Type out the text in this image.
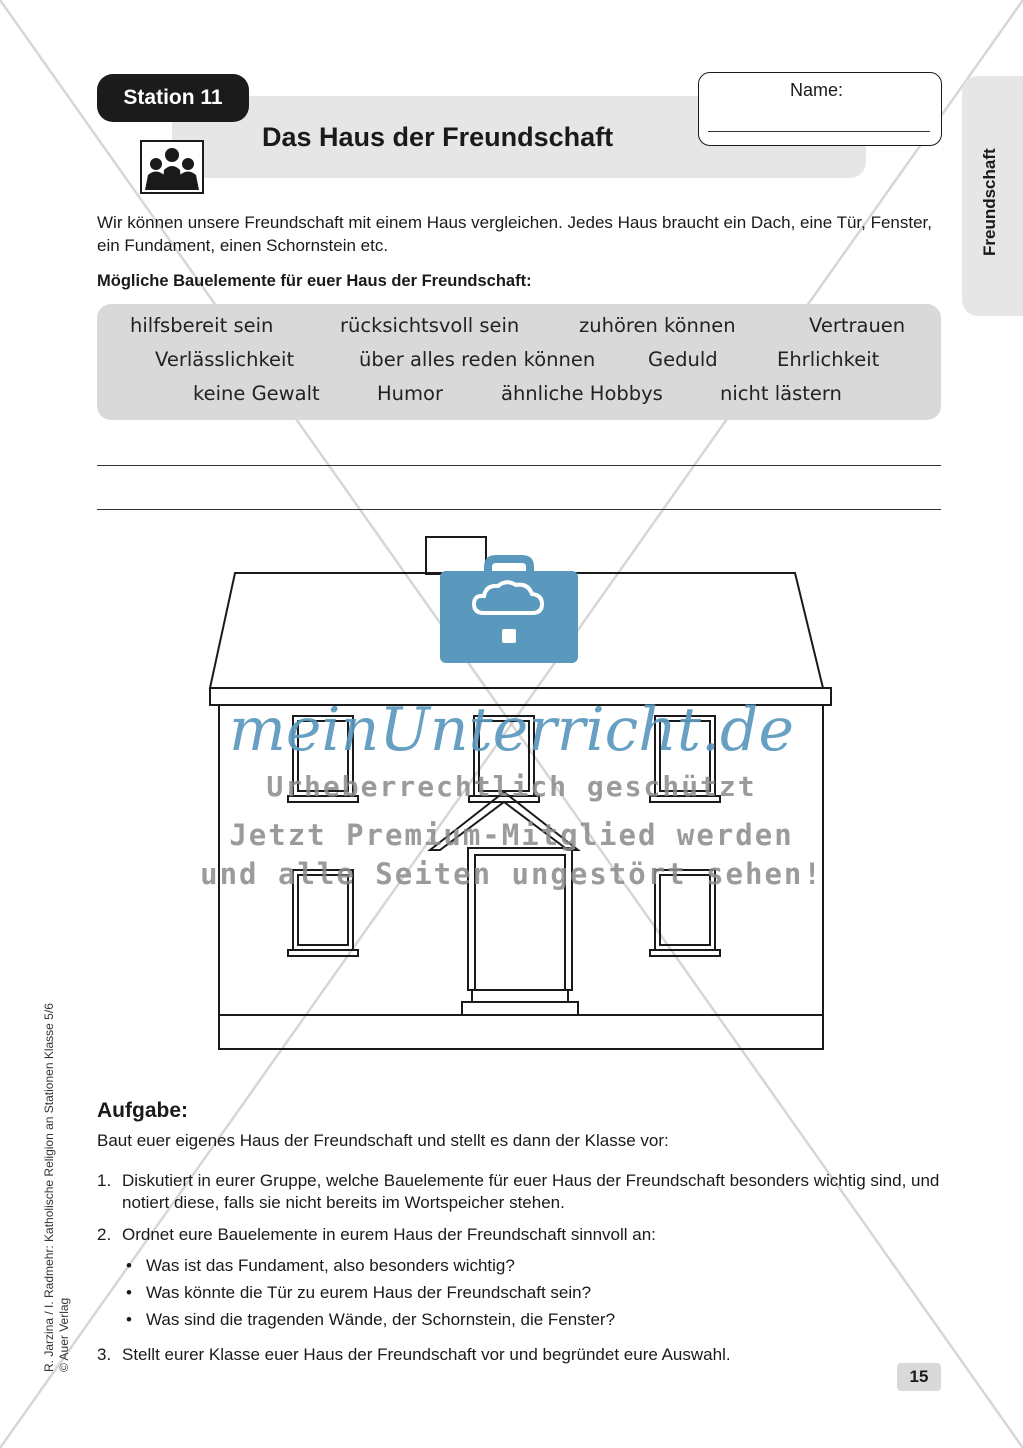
Station 11
Das Haus der Freundschaft
Name:
Freundschaft
Wir können unsere Freundschaft mit einem Haus vergleichen. Jedes Haus braucht ein Dach, eine Tür, Fenster, ein Fundament, einen Schornstein etc.
Mögliche Bauelemente für euer Haus der Freundschaft:
hilfsbereit sein	rücksichtsvoll sein	zuhören können	Vertrauen
Verlässlichkeit	über alles reden können	Geduld	Ehrlichkeit
keine Gewalt	Humor	ähnliche Hobbys	nicht lästern
meinUnterricht.de
Urheberrechtlich geschützt
Jetzt Premium-Mitglied werden
und alle Seiten ungestört sehen!
Aufgabe:
Baut euer eigenes Haus der Freundschaft und stellt es dann der Klasse vor:
1. Diskutiert in eurer Gruppe, welche Bauelemente für euer Haus der Freundschaft besonders wichtig sind, und notiert diese, falls sie nicht bereits im Wortspeicher stehen.
2. Ordnet eure Bauelemente in eurem Haus der Freundschaft sinnvoll an:
• Was ist das Fundament, also besonders wichtig?
• Was könnte die Tür zu eurem Haus der Freundschaft sein?
• Was sind die tragenden Wände, der Schornstein, die Fenster?
3. Stellt eurer Klasse euer Haus der Freundschaft vor und begründet eure Auswahl.
15
R. Jarzina / I. Radmehr: Katholische Religion an Stationen Klasse 5/6 © Auer Verlag
